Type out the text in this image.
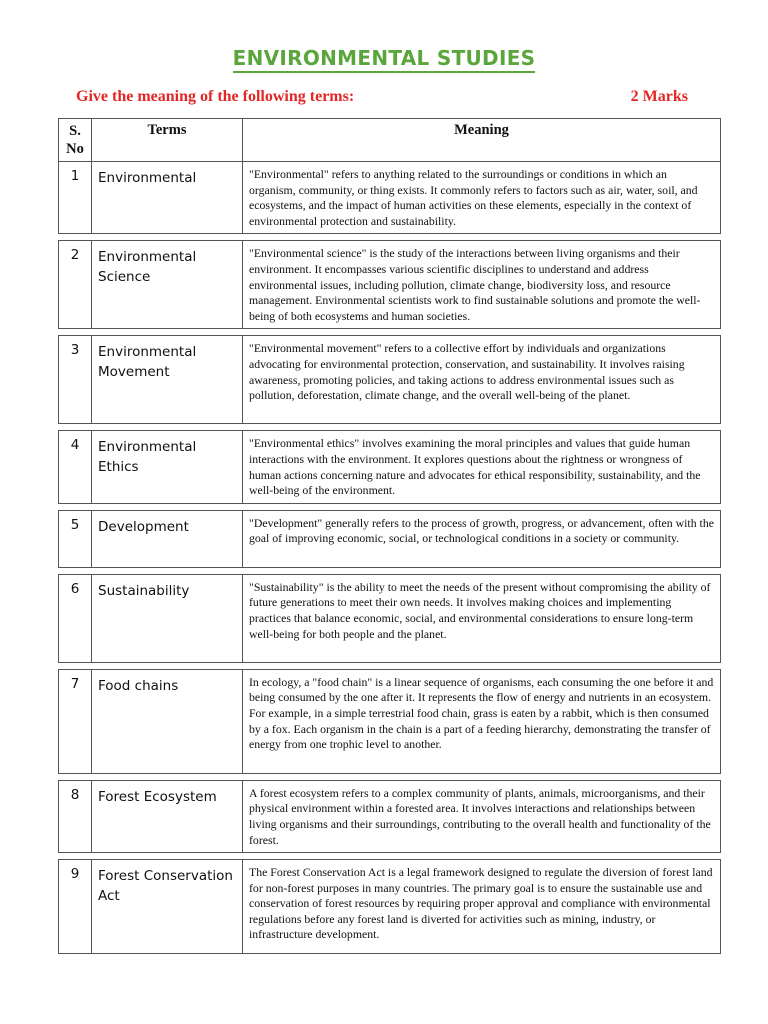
ENVIRONMENTAL STUDIES
Give the meaning of the following terms:	2 Marks
S. No	Terms	Meaning
1	Environmental	"Environmental" refers to anything related to the surroundings or conditions in which an organism, community, or thing exists. It commonly refers to factors such as air, water, soil, and ecosystems, and the impact of human activities on these elements, especially in the context of environmental protection and sustainability.

2	Environmental Science	"Environmental science" is the study of the interactions between living organisms and their environment. It encompasses various scientific disciplines to understand and address environmental issues, including pollution, climate change, biodiversity loss, and resource management. Environmental scientists work to find sustainable solutions and promote the well-being of both ecosystems and human societies.

3	Environmental Movement	"Environmental movement" refers to a collective effort by individuals and organizations advocating for environmental protection, conservation, and sustainability. It involves raising awareness, promoting policies, and taking actions to address environmental issues such as pollution, deforestation, climate change, and the overall well-being of the planet.

4	Environmental Ethics	"Environmental ethics" involves examining the moral principles and values that guide human interactions with the environment. It explores questions about the rightness or wrongness of human actions concerning nature and advocates for ethical responsibility, sustainability, and the well-being of the environment.

5	Development	"Development" generally refers to the process of growth, progress, or advancement, often with the goal of improving economic, social, or technological conditions in a society or community.

6	Sustainability	"Sustainability" is the ability to meet the needs of the present without compromising the ability of future generations to meet their own needs. It involves making choices and implementing practices that balance economic, social, and environmental considerations to ensure long-term well-being for both people and the planet.

7	Food chains	In ecology, a "food chain" is a linear sequence of organisms, each consuming the one before it and being consumed by the one after it. It represents the flow of energy and nutrients in an ecosystem. For example, in a simple terrestrial food chain, grass is eaten by a rabbit, which is then consumed by a fox. Each organism in the chain is a part of a feeding hierarchy, demonstrating the transfer of energy from one trophic level to another.

8	Forest Ecosystem	A forest ecosystem refers to a complex community of plants, animals, microorganisms, and their physical environment within a forested area. It involves interactions and relationships between living organisms and their surroundings, contributing to the overall health and functionality of the forest.

9	Forest Conservation Act	The Forest Conservation Act is a legal framework designed to regulate the diversion of forest land for non-forest purposes in many countries. The primary goal is to ensure the sustainable use and conservation of forest resources by requiring proper approval and compliance with environmental regulations before any forest land is diverted for activities such as mining, industry, or infrastructure development.
